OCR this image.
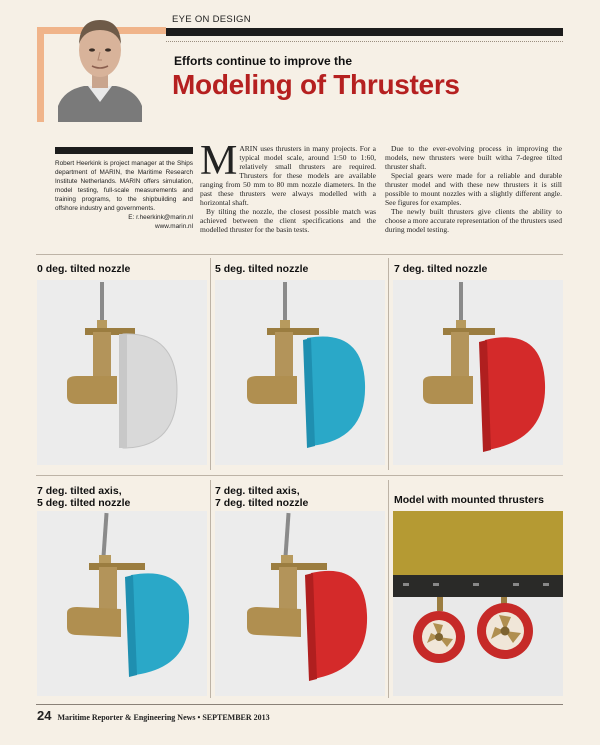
EYE ON DESIGN
Efforts continue to improve the
Modeling of Thrusters
Robert Heerkink is project manager at the Ships department of MARIN, the Maritime Research Institute Netherlands. MARIN offers simulation, model testing, full-scale measurements and training programs, to the shipbuilding and offshore industry and governments.
E: r.heerkink@marin.nl
www.marin.nl
M ARIN uses thrusters in many projects. For a typical model scale, around 1:50 to 1:60, relatively small thrusters are required. Thrusters for these models are available ranging from 50 mm to 80 mm nozzle diameters. In the past these thrusters were always modelled with a horizontal shaft.

By tilting the nozzle, the closest possible match was achieved between the client specifications and the modelled thruster for the basin tests.

Due to the ever-evolving process in improving the models, new thrusters were built witha 7-degree tilted thruster shaft.

Special gears were made for a reliable and durable thruster model and with these new thrusters it is still possible to mount nozzles with a slightly different angle. See figures for examples.

The newly built thrusters give clients the ability to choose a more accurate representation of the thrusters used during model testing.

0 deg. tilted nozzle	5 deg. tilted nozzle	7 deg. tilted nozzle
7 deg. tilted axis,
5 deg. tilted nozzle
7 deg. tilted axis,
7 deg. tilted nozzle	Model with mounted thrusters
24 Maritime Reporter & Engineering News • SEPTEMBER 2013
